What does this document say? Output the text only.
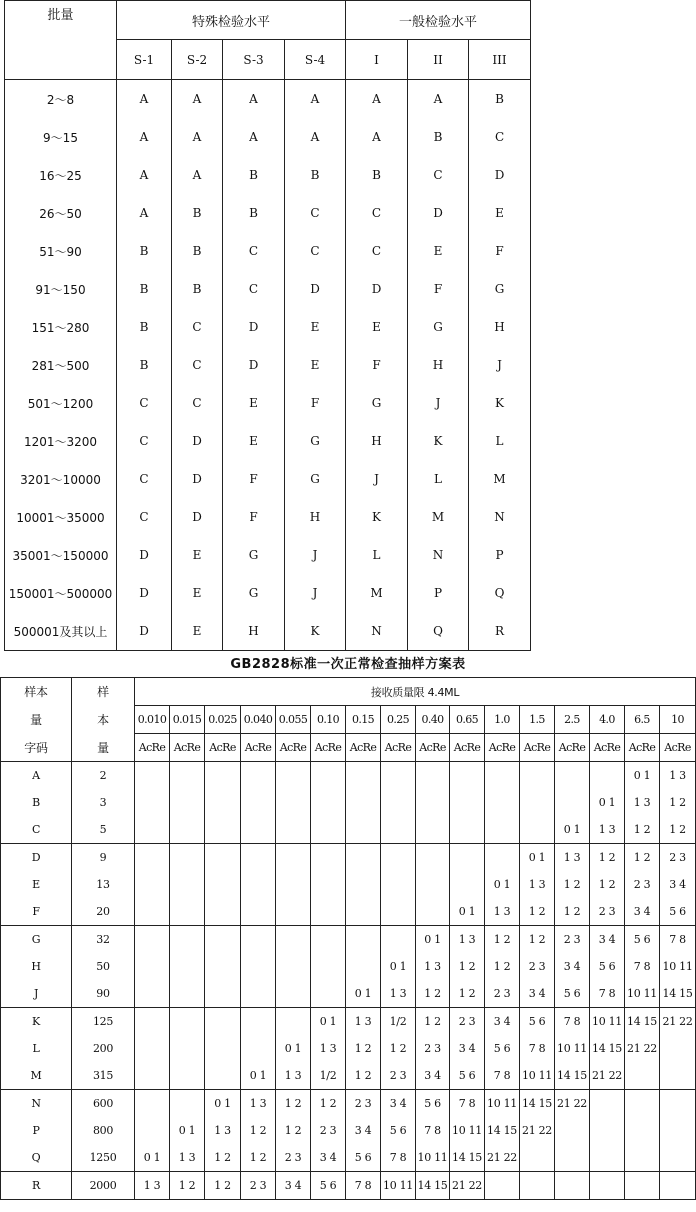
批量	特殊检验水平				一般检验水平		
	S-1	S-2	S-3	S-4	I	II	III
2～8	A	A	A	A	A	A	B
9～15	A	A	A	A	A	B	C
16～25	A	A	B	B	B	C	D
26～50	A	B	B	C	C	D	E
51～90	B	B	C	C	C	E	F
91～150	B	B	C	D	D	F	G
151～280	B	C	D	E	E	G	H
281～500	B	C	D	E	F	H	J
501～1200	C	C	E	F	G	J	K
1201～3200	C	D	E	G	H	K	L
3201～10000	C	D	F	G	J	L	M
10001～35000	C	D	F	H	K	M	N
35001～150000	D	E	G	J	L	N	P
150001～500000	D	E	G	J	M	P	Q
500001及其以上	D	E	H	K	N	Q	R
GB2828标准一次正常检查抽样方案表
样本	样	接收质量限 4.4ML															
量	本	0.010	0.015	0.025	0.040	0.055	0.10	0.15	0.25	0.40	0.65	1.0	1.5	2.5	4.0	6.5	10
字码	量	AcRe	AcRe	AcRe	AcRe	AcRe	AcRe	AcRe	AcRe	AcRe	AcRe	AcRe	AcRe	AcRe	AcRe	AcRe	AcRe
A	2															0 1	1 3
B	3														0 1	1 3	1 2
C	5													0 1	1 3	1 2	1 2
D	9												0 1	1 3	1 2	1 2	2 3
E	13											0 1	1 3	1 2	1 2	2 3	3 4
F	20										0 1	1 3	1 2	1 2	2 3	3 4	5 6
G	32									0 1	1 3	1 2	1 2	2 3	3 4	5 6	7 8
H	50								0 1	1 3	1 2	1 2	2 3	3 4	5 6	7 8	10 11
J	90							0 1	1 3	1 2	1 2	2 3	3 4	5 6	7 8	10 11	14 15
K	125						0 1	1 3	1/2	1 2	2 3	3 4	5 6	7 8	10 11	14 15	21 22
L	200					0 1	1 3	1 2	1 2	2 3	3 4	5 6	7 8	10 11	14 15	21 22	
M	315				0 1	1 3	1/2	1 2	2 3	3 4	5 6	7 8	10 11	14 15	21 22		
N	600			0 1	1 3	1 2	1 2	2 3	3 4	5 6	7 8	10 11	14 15	21 22			
P	800		0 1	1 3	1 2	1 2	2 3	3 4	5 6	7 8	10 11	14 15	21 22				
Q	1250	0 1	1 3	1 2	1 2	2 3	3 4	5 6	7 8	10 11	14 15	21 22					
R	2000	1 3	1 2	1 2	2 3	3 4	5 6	7 8	10 11	14 15	21 22						
